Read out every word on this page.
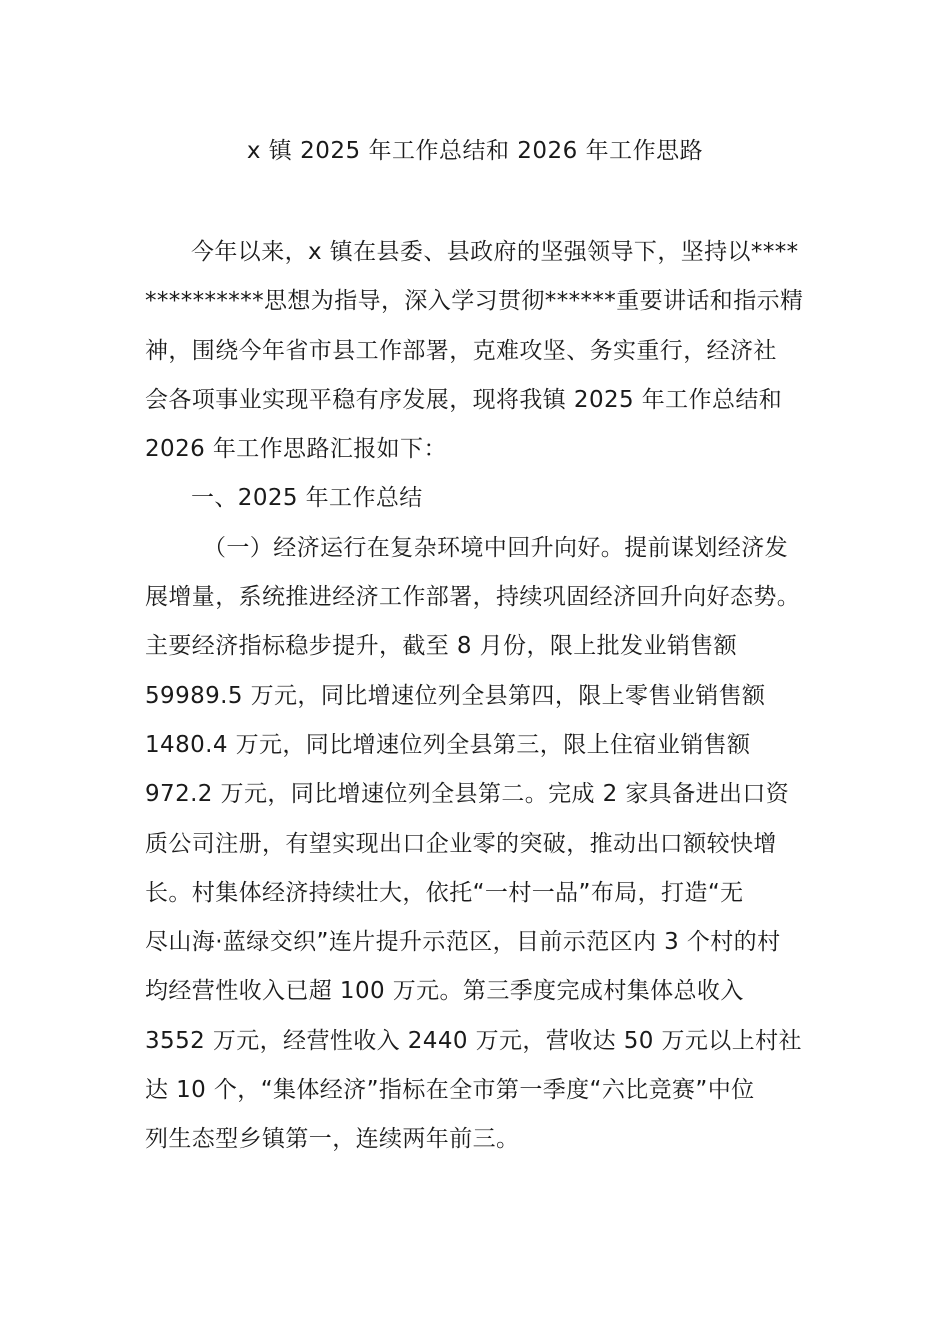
x 镇 2025 年工作总结和 2026 年工作思路
今年以来，x 镇在县委、县政府的坚强领导下，坚持以****
**********思想为指导，深入学习贯彻******重要讲话和指示精
神，围绕今年省市县工作部署，克难攻坚、务实重行，经济社
会各项事业实现平稳有序发展，现将我镇 2025 年工作总结和
2026 年工作思路汇报如下：
一、2025 年工作总结
（一）经济运行在复杂环境中回升向好。提前谋划经济发
展增量，系统推进经济工作部署，持续巩固经济回升向好态势。
主要经济指标稳步提升，截至 8 月份，限上批发业销售额
59989.5 万元，同比增速位列全县第四，限上零售业销售额
1480.4 万元，同比增速位列全县第三，限上住宿业销售额
972.2 万元，同比增速位列全县第二。完成 2 家具备进出口资
质公司注册，有望实现出口企业零的突破，推动出口额较快增
长。村集体经济持续壮大，依托“一村一品”布局，打造“无
尽山海·蓝绿交织”连片提升示范区，目前示范区内 3 个村的村
均经营性收入已超 100 万元。第三季度完成村集体总收入
3552 万元，经营性收入 2440 万元，营收达 50 万元以上村社
达 10 个，“集体经济”指标在全市第一季度“六比竞赛”中位
列生态型乡镇第一，连续两年前三。
